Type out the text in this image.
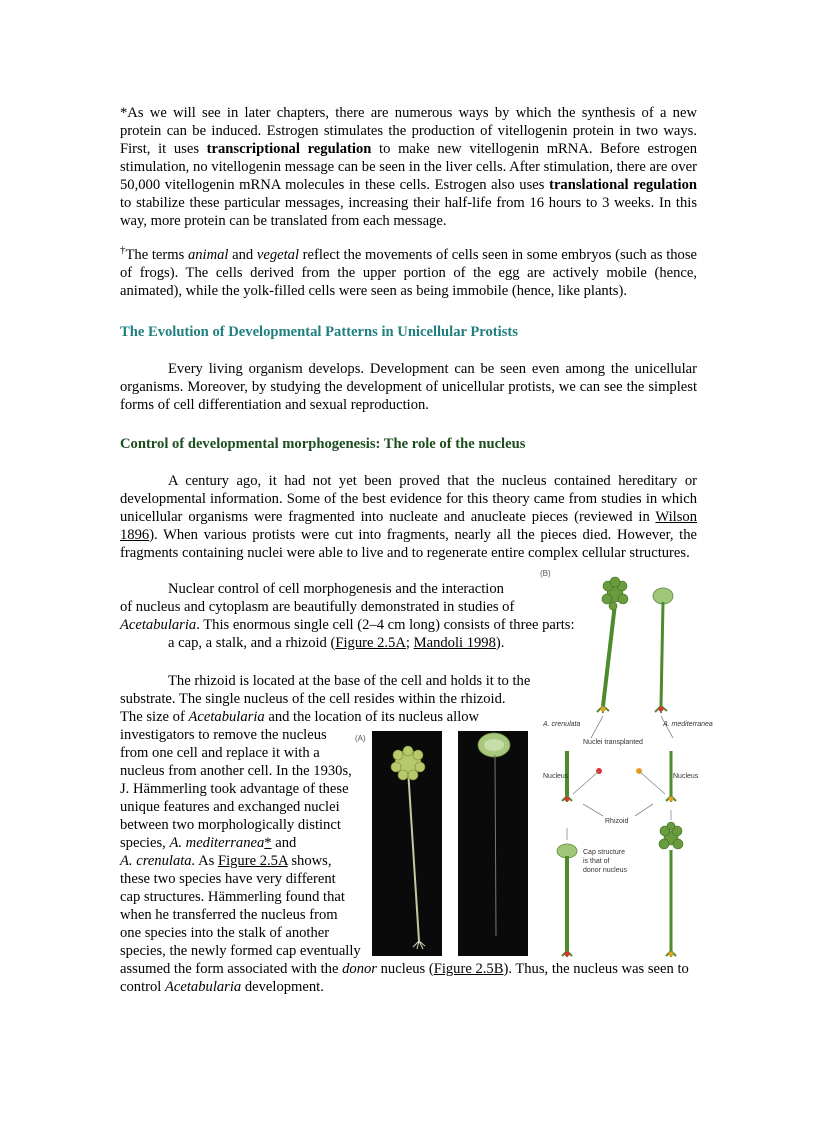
*As we will see in later chapters, there are numerous ways by which the synthesis of a new protein can be induced. Estrogen stimulates the production of vitellogenin protein in two ways. First, it uses transcriptional regulation to make new vitellogenin mRNA. Before estrogen stimulation, no vitellogenin message can be seen in the liver cells. After stimulation, there are over 50,000 vitellogenin mRNA molecules in these cells. Estrogen also uses translational regulation to stabilize these particular messages, increasing their half-life from 16 hours to 3 weeks. In this way, more protein can be translated from each message.

†The terms animal and vegetal reflect the movements of cells seen in some embryos (such as those of frogs). The cells derived from the upper portion of the egg are actively mobile (hence, animated), while the yolk-filled cells were seen as being immobile (hence, like plants).

The Evolution of Developmental Patterns in Unicellular Protists

Every living organism develops. Development can be seen even among the unicellular organisms. Moreover, by studying the development of unicellular protists, we can see the simplest forms of cell differentiation and sexual reproduction.

Control of developmental morphogenesis: The role of the nucleus

A century ago, it had not yet been proved that the nucleus contained hereditary or developmental information. Some of the best evidence for this theory came from studies in which unicellular organisms were fragmented into nucleate and anucleate pieces (reviewed in Wilson 1896). When various protists were cut into fragments, nearly all the pieces died. However, the fragments containing nuclei were able to live and to regenerate entire complex cellular structures.

Nuclear control of cell morphogenesis and the interaction
of nucleus and cytoplasm are beautifully demonstrated in studies of
Acetabularia. This enormous single cell (2–4 cm long) consists of three parts:
a cap, a stalk, and a rhizoid (Figure 2.5A; Mandoli 1998).
The rhizoid is located at the base of the cell and holds it to the
substrate. The single nucleus of the cell resides within the rhizoid.
The size of Acetabularia and the location of its nucleus allow
investigators to remove the nucleus
from one cell and replace it with a
nucleus from another cell. In the 1930s,
J. Hämmerling took advantage of these
unique features and exchanged nuclei
between two morphologically distinct
species, A. mediterranea* and
A. crenulata. As Figure 2.5A shows,
these two species have very different
cap structures. Hämmerling found that
when he transferred the nucleus from
one species into the stalk of another
species, the newly formed cap eventually
assumed the form associated with the donor nucleus (Figure 2.5B). Thus, the nucleus was seen to
control Acetabularia development.
(A)
(B)
A. crenulata	A. mediterranea
Nuclei transplanted
Nucleus	Nucleus
Rhizoid
Cap structure
is that of
donor nucleus
